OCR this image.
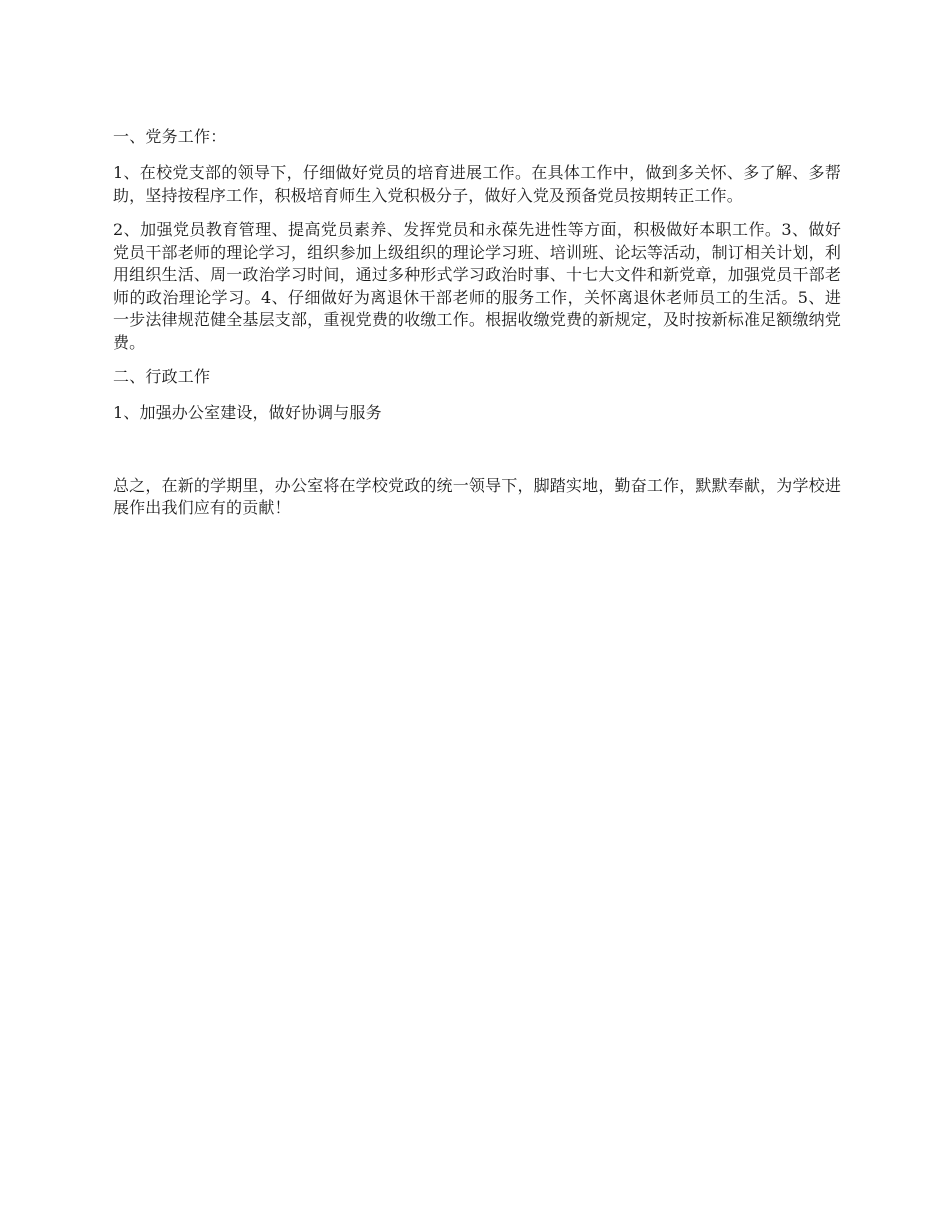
一、党务工作：

1、在校党支部的领导下，仔细做好党员的培育进展工作。在具体工作中，做到多关怀、多了解、多帮助，坚持按程序工作，积极培育师生入党积极分子，做好入党及预备党员按期转正工作。

2、加强党员教育管理、提高党员素养、发挥党员和永葆先进性等方面，积极做好本职工作。3、做好党员干部老师的理论学习，组织参加上级组织的理论学习班、培训班、论坛等活动，制订相关计划，利用组织生活、周一政治学习时间，通过多种形式学习政治时事、十七大文件和新党章，加强党员干部老师的政治理论学习。4、仔细做好为离退休干部老师的服务工作，关怀离退休老师员工的生活。5、进一步法律规范健全基层支部，重视党费的收缴工作。根据收缴党费的新规定，及时按新标准足额缴纳党费。

二、行政工作

1、加强办公室建设，做好协调与服务

总之，在新的学期里，办公室将在学校党政的统一领导下，脚踏实地，勤奋工作，默默奉献，为学校进展作出我们应有的贡献！
